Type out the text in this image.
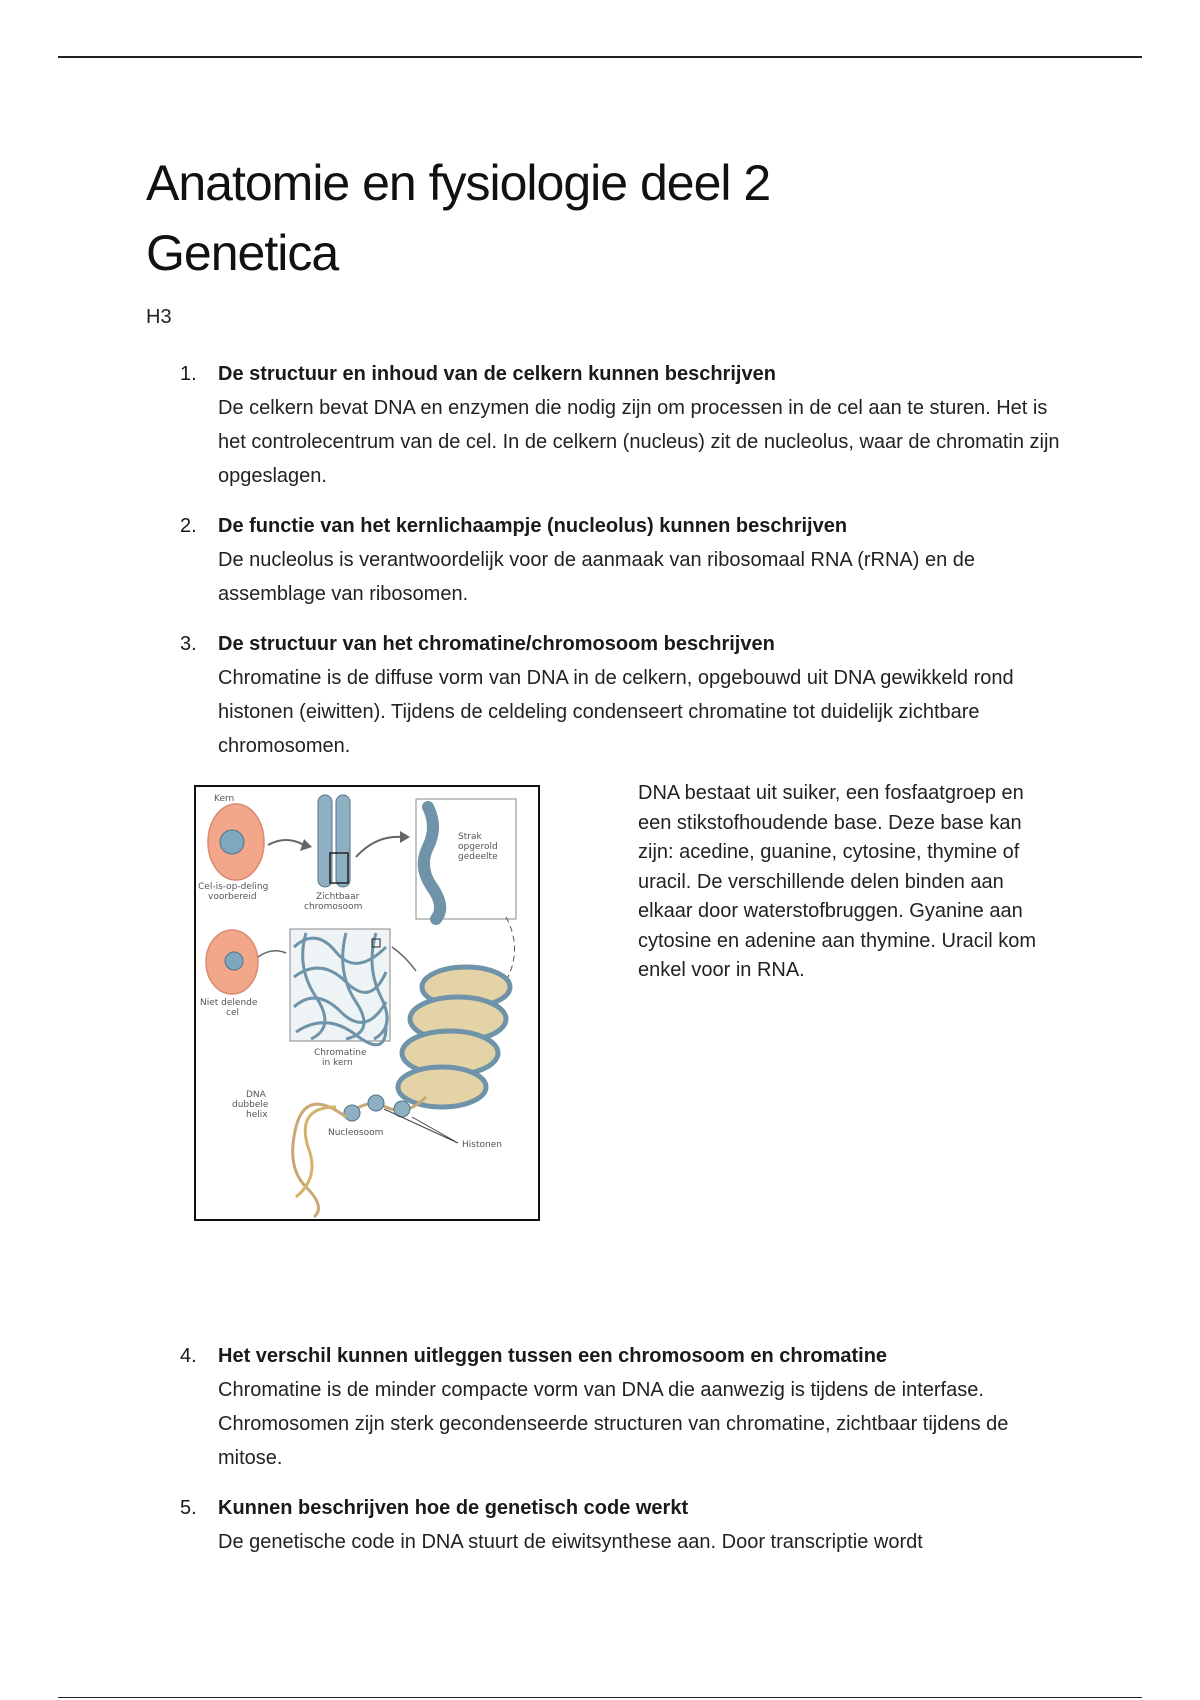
Anatomie en fysiologie deel 2
Genetica

H3

1. De structuur en inhoud van de celkern kunnen beschrijven
De celkern bevat DNA en enzymen die nodig zijn om processen in de cel aan te sturen. Het is het controlecentrum van de cel. In de celkern (nucleus) zit de nucleolus, waar de chromatin zijn opgeslagen.
2. De functie van het kernlichaampje (nucleolus) kunnen beschrijven
De nucleolus is verantwoordelijk voor de aanmaak van ribosomaal RNA (rRNA) en de assemblage van ribosomen.
3. De structuur van het chromatine/chromosoom beschrijven
Chromatine is de diffuse vorm van DNA in de celkern, opgebouwd uit DNA gewikkeld rond histonen (eiwitten). Tijdens de celdeling condenseert chromatine tot duidelijk zichtbare chromosomen.
Kern
Cel-is-op-deling
voorbereid	Zichtbaar
chromosoom
Strak
opgerold
gedeelte
Niet delende
cel
Chromatine
in kern
DNA
dubbele
helix
Nucleosoom
Histonen
DNA bestaat uit suiker, een fosfaatgroep en een stikstofhoudende base. Deze base kan zijn: acedine, guanine, cytosine, thymine of uracil. De verschillende delen binden aan elkaar door waterstofbruggen. Gyanine aan cytosine en adenine aan thymine. Uracil kom enkel voor in RNA.
4. Het verschil kunnen uitleggen tussen een chromosoom en chromatine
Chromatine is de minder compacte vorm van DNA die aanwezig is tijdens de interfase. Chromosomen zijn sterk gecondenseerde structuren van chromatine, zichtbaar tijdens de mitose.
5. Kunnen beschrijven hoe de genetisch code werkt
De genetische code in DNA stuurt de eiwitsynthese aan. Door transcriptie wordt
